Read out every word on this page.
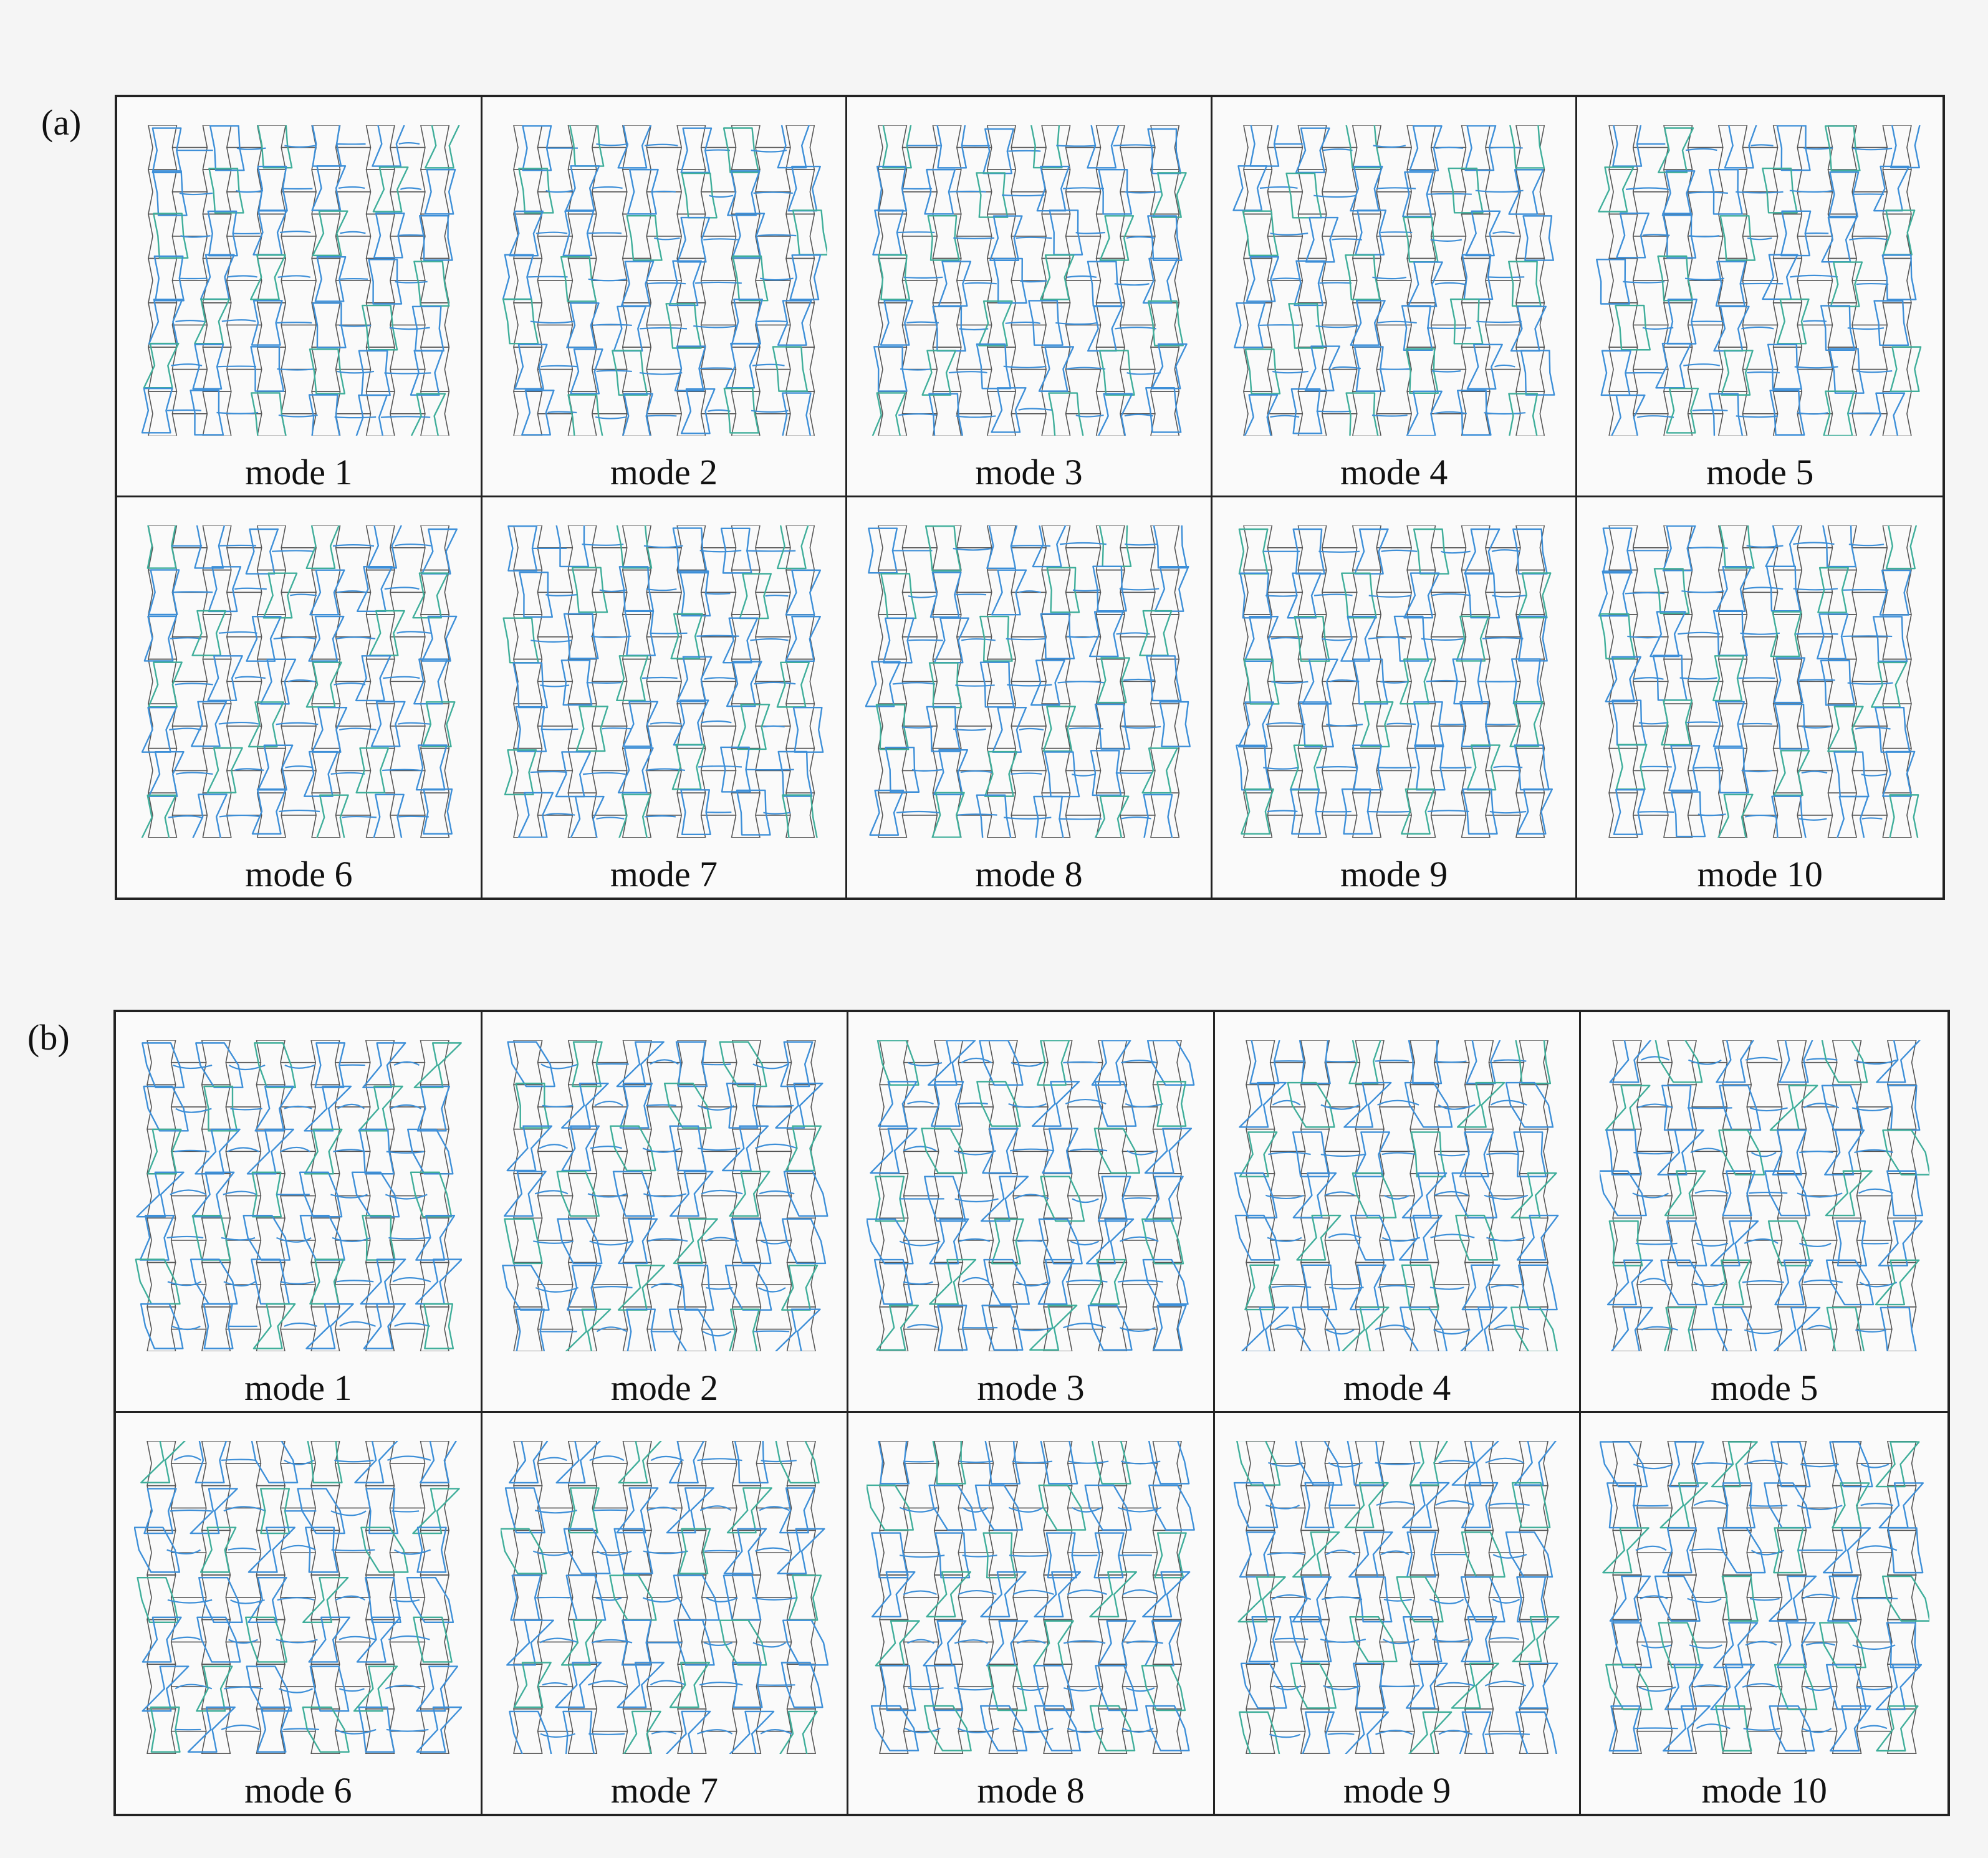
(a)
mode 1	mode 2	mode 3	mode 4	mode 5
mode 6	mode 7	mode 8	mode 9	mode 10
(b)
mode 1	mode 2	mode 3	mode 4	mode 5
mode 6	mode 7	mode 8	mode 9	mode 10
